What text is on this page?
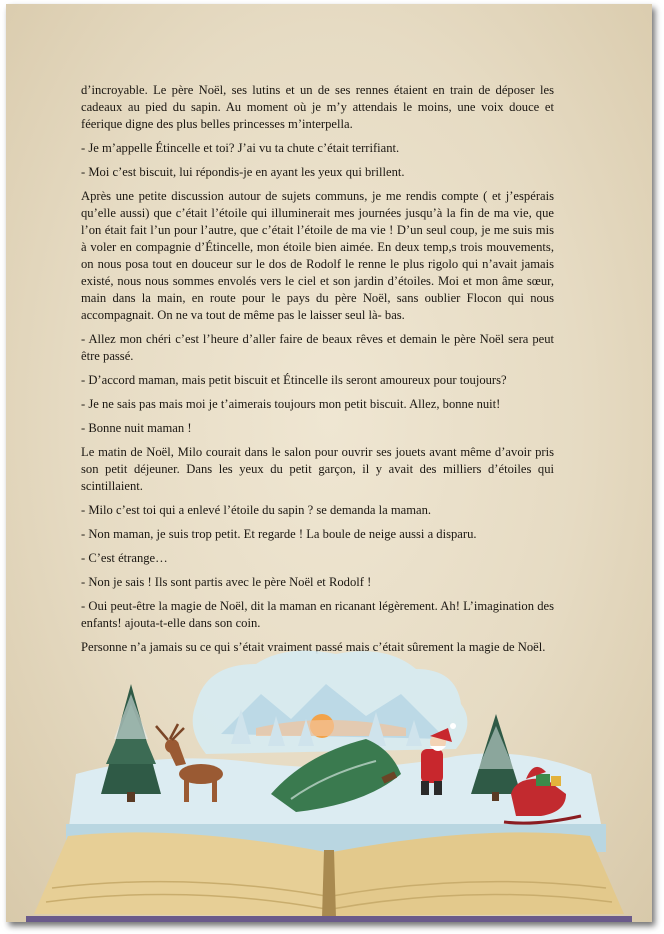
d’incroyable. Le père Noël, ses lutins et un de ses rennes étaient en train de déposer les cadeaux au pied du sapin. Au moment où je m’y attendais le moins, une voix douce et féerique digne des plus belles princesses m’interpella.

- Je m’appelle Étincelle et toi? J’ai vu ta chute c’était terrifiant.

- Moi c’est biscuit, lui répondis-je en ayant les yeux qui brillent.

Après une petite discussion autour de sujets communs, je me rendis compte ( et j’espérais qu’elle aussi) que c’était l’étoile qui illuminerait mes journées jusqu’à la fin de ma vie, que l’on était fait l’un pour l’autre, que c’était l’étoile de ma vie ! D’un seul coup, je me suis mis à voler en compagnie d’Étincelle, mon étoile bien aimée. En deux temp,s trois mouvements, on nous posa tout en douceur sur le dos de Rodolf le renne le plus rigolo qui n’avait jamais existé, nous nous sommes envolés vers le ciel et son jardin d’étoiles. Moi et mon âme sœur, main dans la main, en route pour le pays du père Noël, sans oublier Flocon qui nous accompagnait. On ne va tout de même pas le laisser seul là- bas.

- Allez mon chéri c’est l’heure d’aller faire de beaux rêves et demain le père Noël sera peut être passé.

- D’accord maman, mais petit biscuit et Étincelle ils seront amoureux pour toujours?

- Je ne sais pas mais moi je t’aimerais toujours mon petit biscuit. Allez, bonne nuit!

- Bonne nuit maman !

Le matin de Noël, Milo courait dans le salon pour ouvrir ses jouets avant même d’avoir pris son petit déjeuner. Dans les yeux du petit garçon, il y avait des milliers d’étoiles qui scintillaient.

- Milo c’est toi qui a enlevé l’étoile du sapin ? se demanda la maman.

- Non maman, je suis trop petit. Et regarde ! La boule de neige aussi a disparu.

- C’est étrange…

- Non je sais ! Ils sont partis avec le père Noël et Rodolf !

- Oui peut-être la magie de Noël, dit la maman en ricanant légèrement. Ah! L’imagination des enfants! ajouta-t-elle dans son coin.

Personne n’a jamais su ce qui s’était vraiment passé mais c’était sûrement la magie de Noël.
